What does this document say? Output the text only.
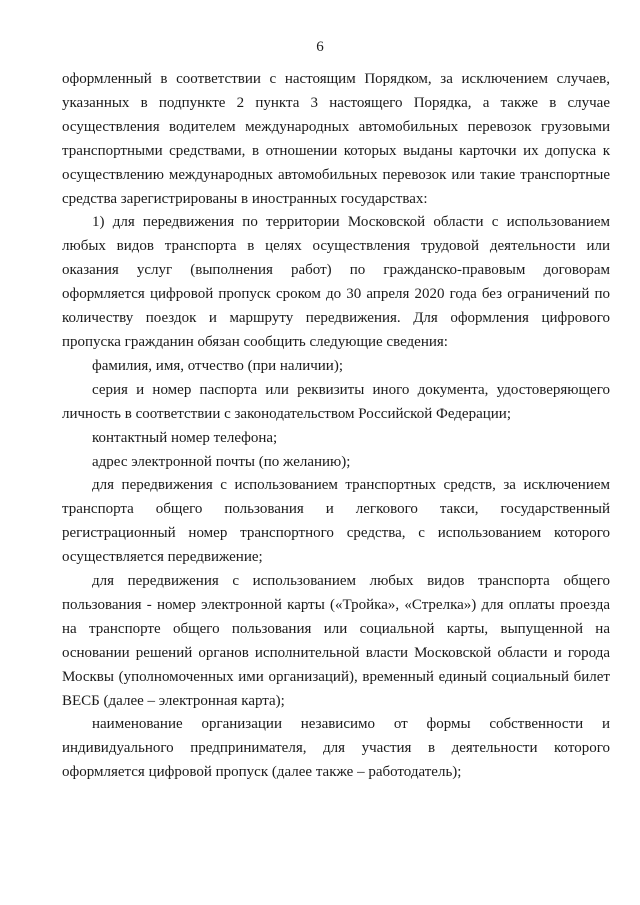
6
оформленный в соответствии с настоящим Порядком, за исключением случаев,
указанных в подпункте 2 пункта 3 настоящего Порядка, а также в случае
осуществления водителем международных автомобильных перевозок грузовыми
транспортными средствами, в отношении которых выданы карточки их допуска к
осуществлению международных автомобильных перевозок или такие транспортные
средства зарегистрированы в иностранных государствах:
1) для передвижения по территории Московской области с использованием
любых видов транспорта в целях осуществления трудовой деятельности или
оказания услуг (выполнения работ) по гражданско-правовым договорам
оформляется цифровой пропуск сроком до 30 апреля 2020 года без ограничений по
количеству поездок и маршруту передвижения. Для оформления цифрового
пропуска гражданин обязан сообщить следующие сведения:
фамилия, имя, отчество (при наличии);
серия и номер паспорта или реквизиты иного документа, удостоверяющего
личность в соответствии с законодательством Российской Федерации;
контактный номер телефона;
адрес электронной почты (по желанию);
для передвижения с использованием транспортных средств, за исключением
транспорта общего пользования и легкового такси, государственный
регистрационный номер транспортного средства, с использованием которого
осуществляется передвижение;
для передвижения с использованием любых видов транспорта общего
пользования - номер электронной карты («Тройка», «Стрелка») для оплаты проезда
на транспорте общего пользования или социальной карты, выпущенной на
основании решений органов исполнительной власти Московской области и города
Москвы (уполномоченных ими организаций), временный единый социальный билет
ВЕСБ (далее – электронная карта);
наименование организации независимо от формы собственности и
индивидуального предпринимателя, для участия в деятельности которого
оформляется цифровой пропуск (далее также – работодатель);
